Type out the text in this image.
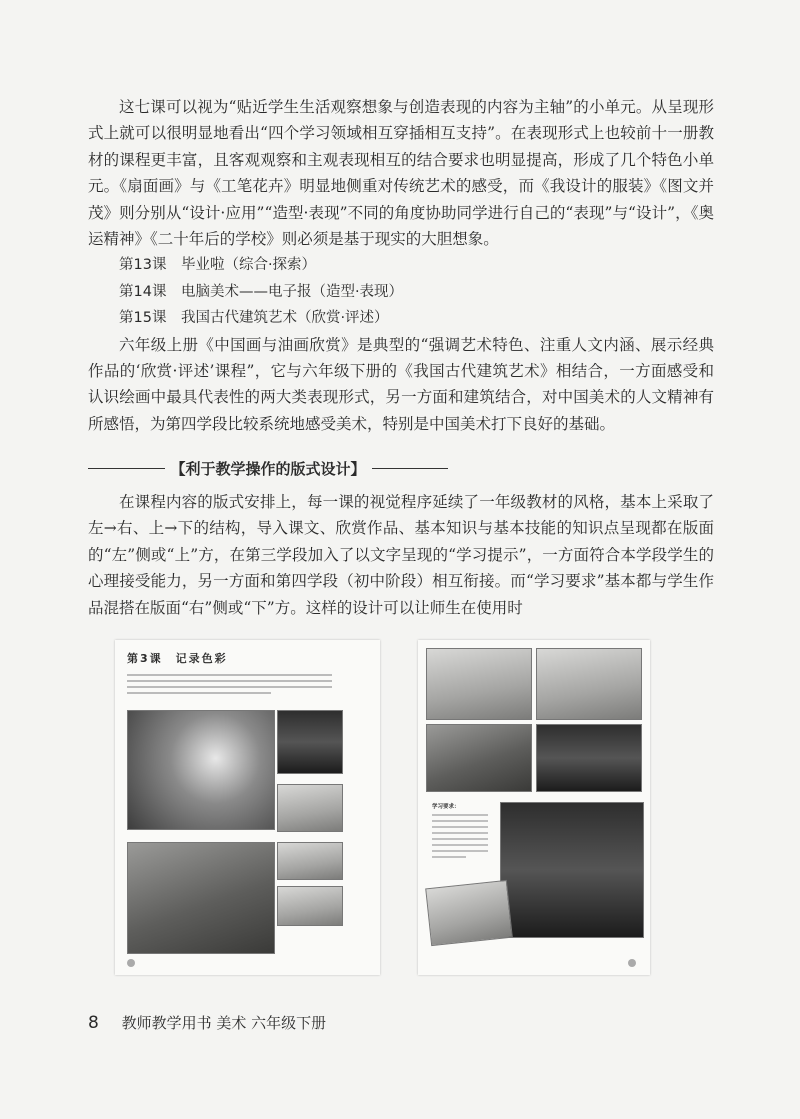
这七课可以视为“贴近学生生活观察想象与创造表现的内容为主轴”的小单元。从呈现形式上就可以很明显地看出“四个学习领域相互穿插相互支持”。在表现形式上也较前十一册教材的课程更丰富，且客观观察和主观表现相互的结合要求也明显提高，形成了几个特色小单元。《扇面画》与《工笔花卉》明显地侧重对传统艺术的感受，而《我设计的服装》《图文并茂》则分别从“设计·应用”“造型·表现”不同的角度协助同学进行自己的“表现”与“设计”，《奥运精神》《二十年后的学校》则必须是基于现实的大胆想象。

第13课　毕业啦（综合·探索）

第14课　电脑美术——电子报（造型·表现）

第15课　我国古代建筑艺术（欣赏·评述）

六年级上册《中国画与油画欣赏》是典型的“强调艺术特色、注重人文内涵、展示经典作品的‘欣赏·评述’课程”，它与六年级下册的《我国古代建筑艺术》相结合，一方面感受和认识绘画中最具代表性的两大类表现形式，另一方面和建筑结合，对中国美术的人文精神有所感悟，为第四学段比较系统地感受美术，特别是中国美术打下良好的基础。

【利于教学操作的版式设计】

在课程内容的版式安排上，每一课的视觉程序延续了一年级教材的风格，基本上采取了左→右、上→下的结构，导入课文、欣赏作品、基本知识与基本技能的知识点呈现都在版面的“左”侧或“上”方，在第三学段加入了以文字呈现的“学习提示”，一方面符合本学段学生的心理接受能力，另一方面和第四学段（初中阶段）相互衔接。而“学习要求”基本都与学生作品混搭在版面“右”侧或“下”方。这样的设计可以让师生在使用时

第3课　记录色彩
学习要求：
8 教师教学用书 美术 六年级下册
